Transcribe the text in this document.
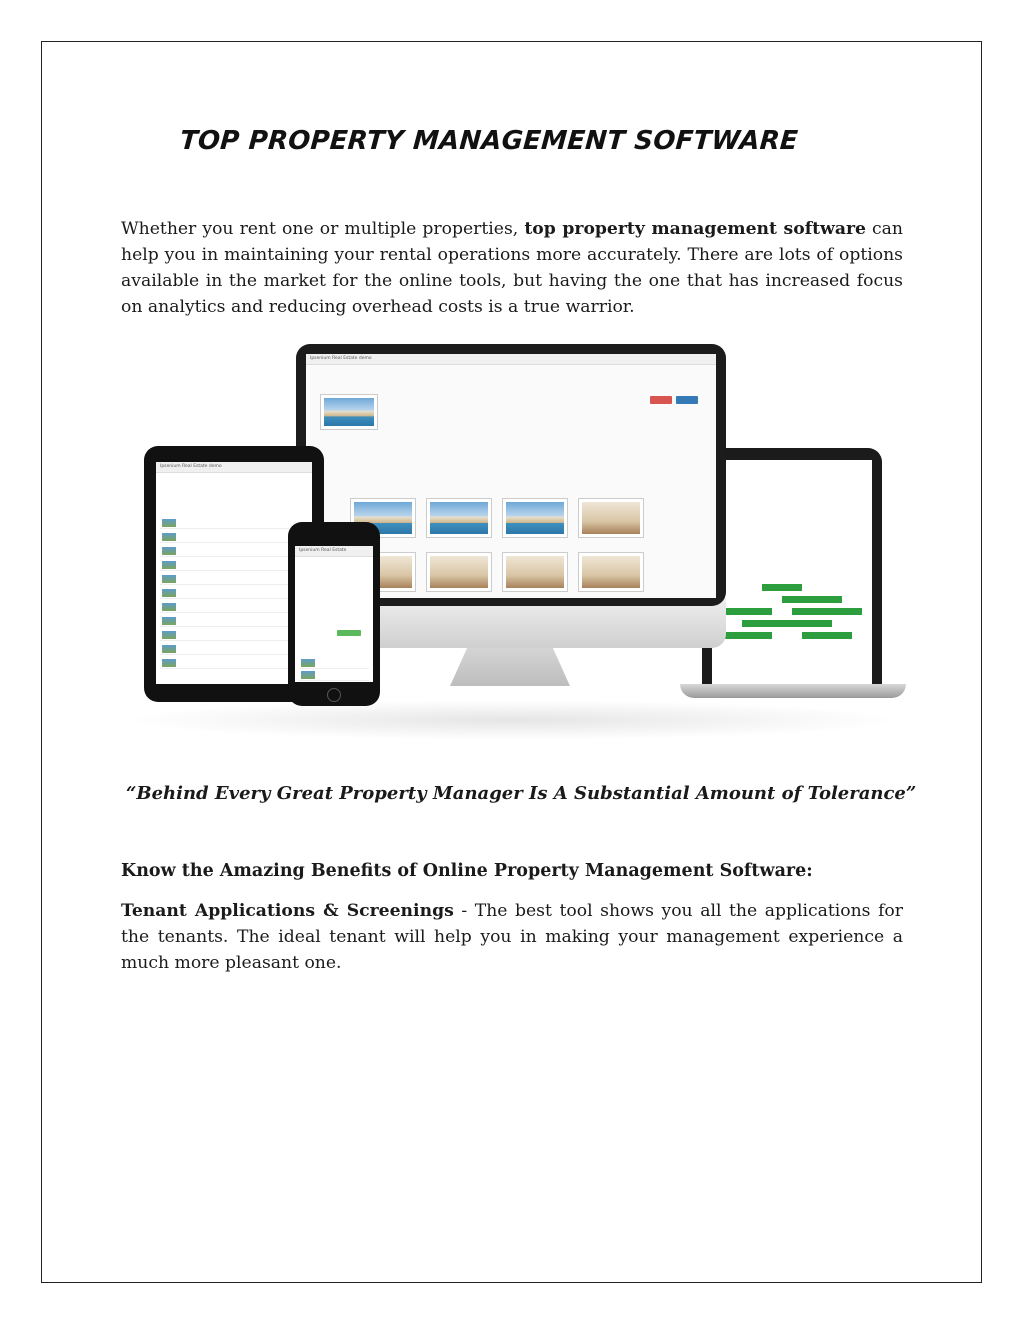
TOP PROPERTY MANAGEMENT SOFTWARE

Whether you rent one or multiple properties, top property management software can help you in maintaining your rental operations more accurately. There are lots of options available in the market for the online tools, but having the one that has increased focus on analytics and reducing overhead costs is a true warrior.

Ipsenium Real Estate demo
Ipsenium Real Estate demo
Ipsenium Real Estate

“Behind Every Great Property Manager Is A Substantial Amount of Tolerance”

Know the Amazing Benefits of Online Property Management Software:

Tenant Applications & Screenings - The best tool shows you all the applications for the tenants. The ideal tenant will help you in making your management experience a much more pleasant one.
